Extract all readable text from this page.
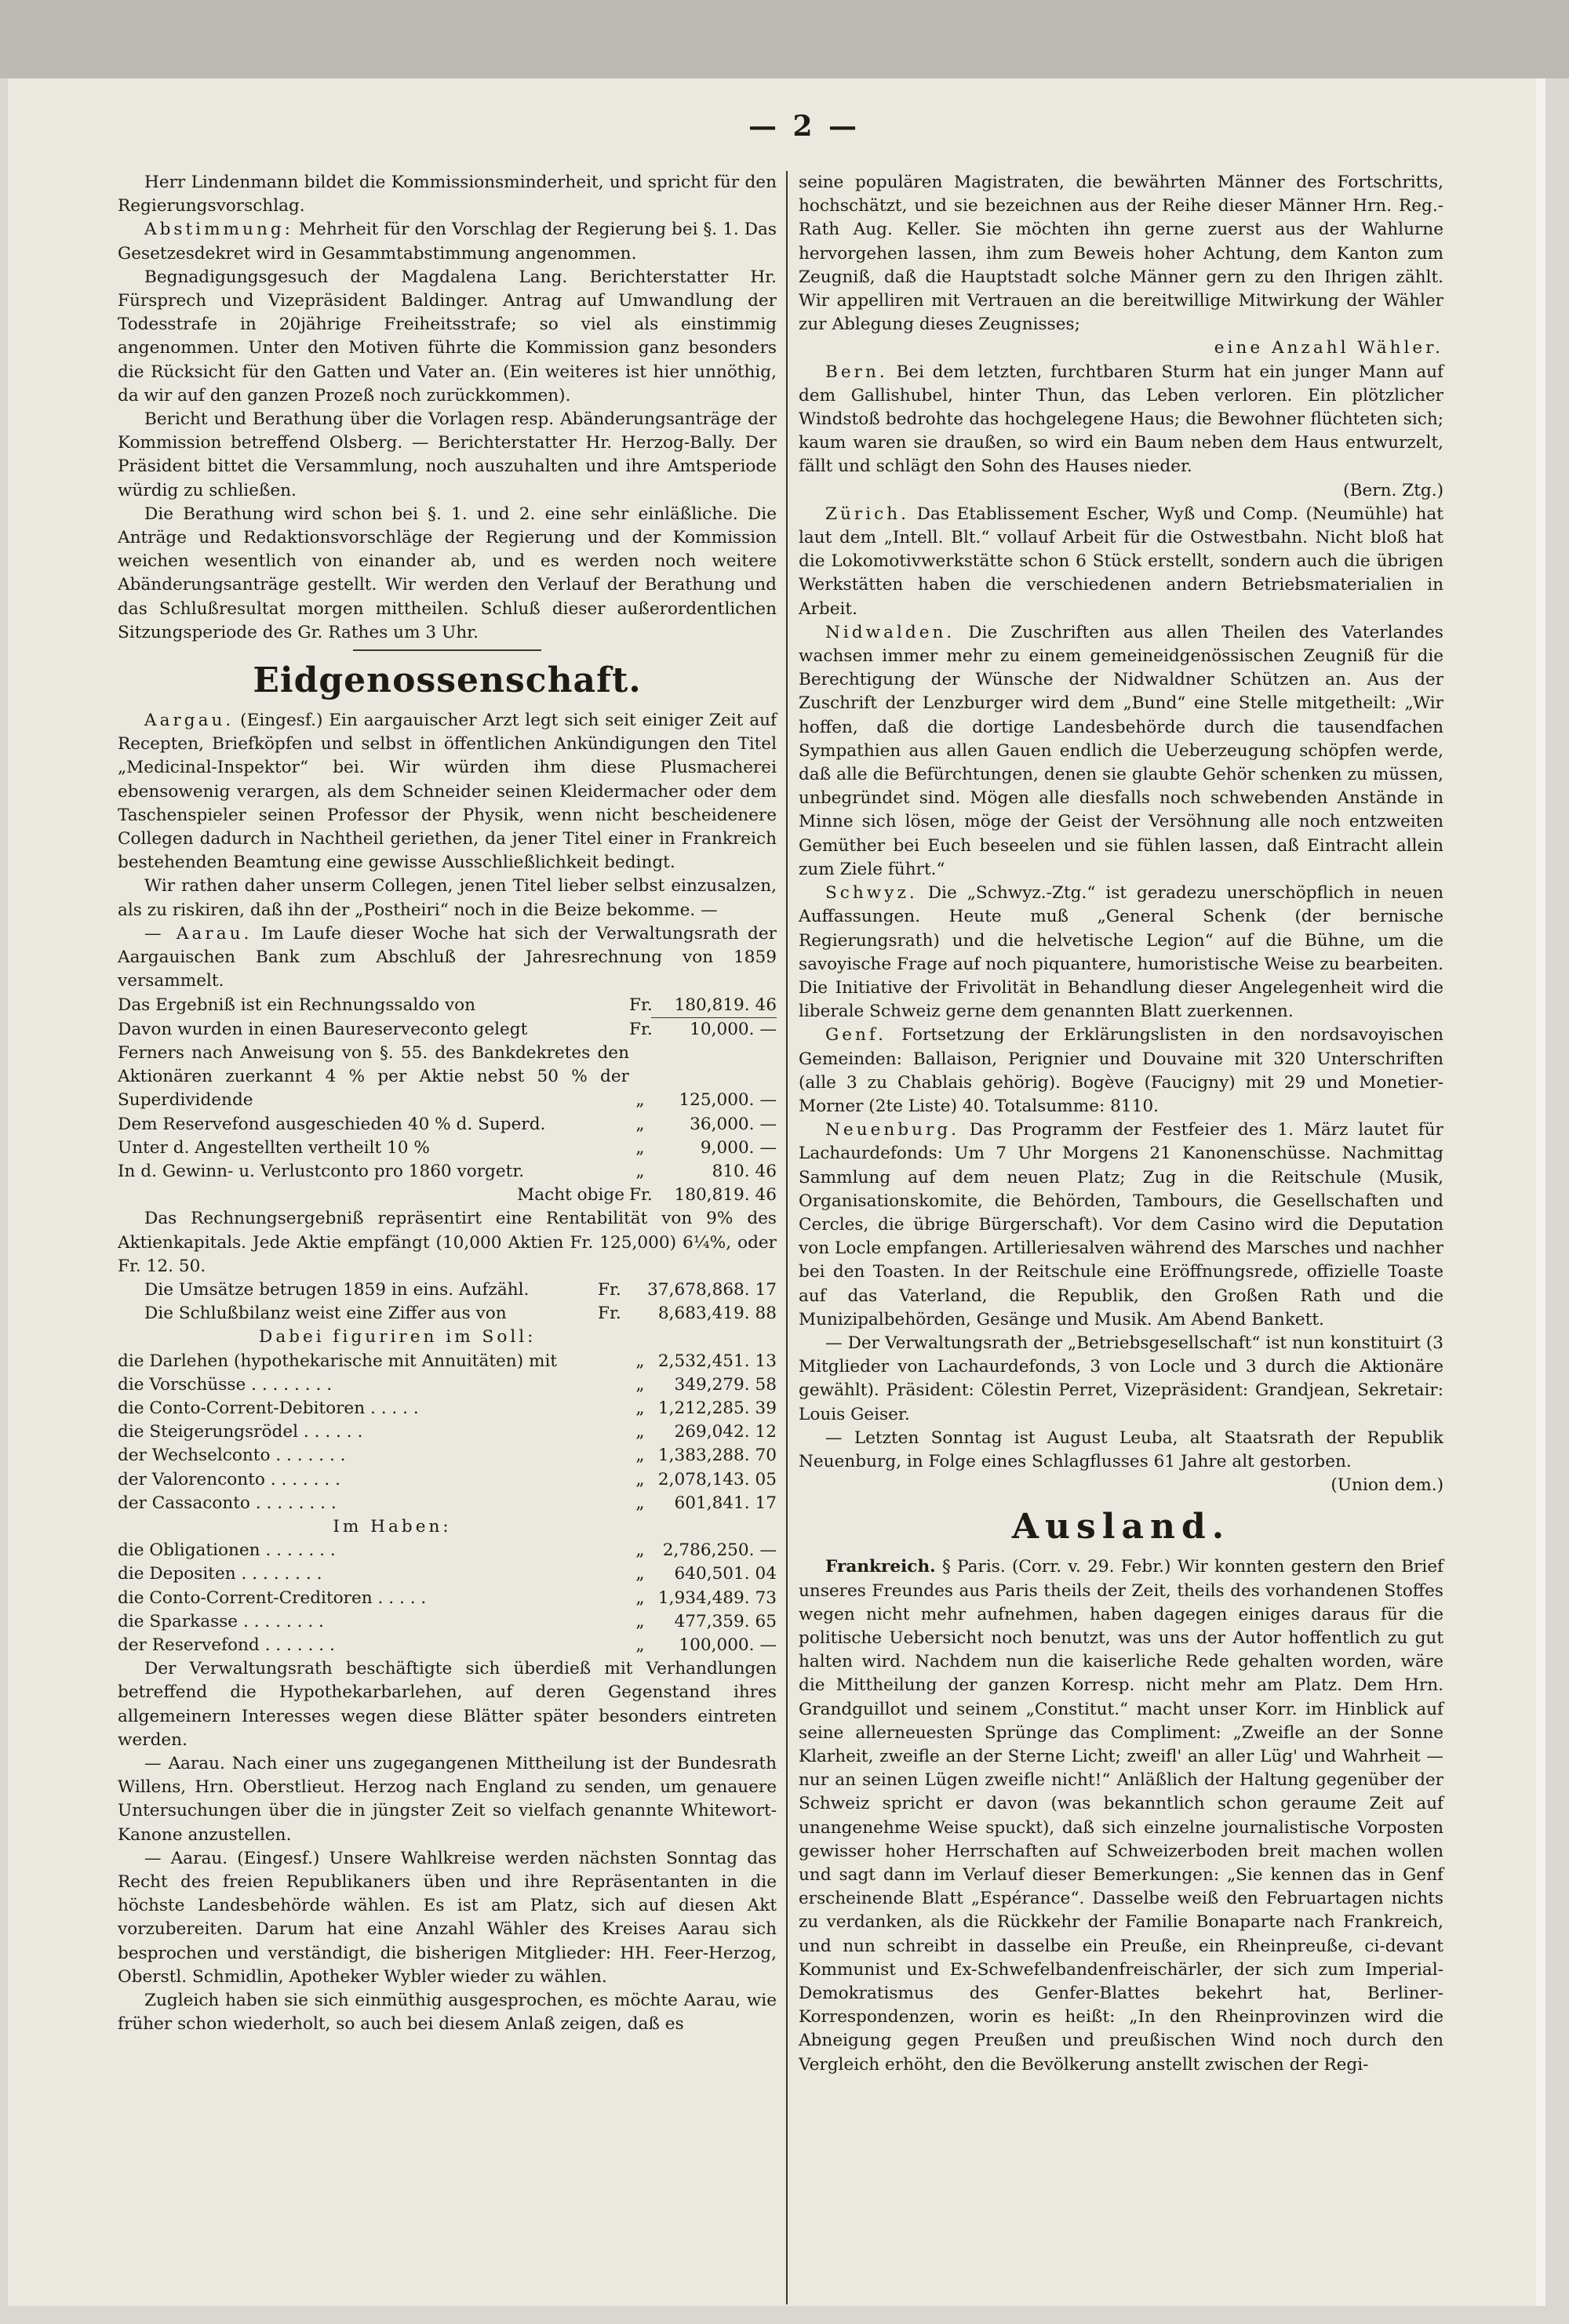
— 2 —

Herr Lindenmann bildet die Kommissionsminderheit, und spricht für den Regierungsvorschlag.

Abstimmung: Mehrheit für den Vorschlag der Regierung bei §. 1. Das Gesetzesdekret wird in Gesammtabstimmung angenommen.

Begnadigungsgesuch der Magdalena Lang. Berichterstatter Hr. Fürsprech und Vizepräsident Baldinger. Antrag auf Umwandlung der Todesstrafe in 20jährige Freiheitsstrafe; so viel als einstimmig angenommen. Unter den Motiven führte die Kommission ganz besonders die Rücksicht für den Gatten und Vater an. (Ein weiteres ist hier unnöthig, da wir auf den ganzen Prozeß noch zurückkommen).

Bericht und Berathung über die Vorlagen resp. Abänderungsanträge der Kommission betreffend Olsberg. — Berichterstatter Hr. Herzog-Bally. Der Präsident bittet die Versammlung, noch auszuhalten und ihre Amtsperiode würdig zu schließen.

Die Berathung wird schon bei §. 1. und 2. eine sehr einläßliche. Die Anträge und Redaktionsvorschläge der Regierung und der Kommission weichen wesentlich von einander ab, und es werden noch weitere Abänderungsanträge gestellt. Wir werden den Verlauf der Berathung und das Schlußresultat morgen mittheilen. Schluß dieser außerordentlichen Sitzungsperiode des Gr. Rathes um 3 Uhr.

Eidgenossenschaft.

Aargau. (Eingesf.) Ein aargauischer Arzt legt sich seit einiger Zeit auf Recepten, Briefköpfen und selbst in öffentlichen Ankündigungen den Titel „Medicinal-Inspektor“ bei. Wir würden ihm diese Plusmacherei ebensowenig verargen, als dem Schneider seinen Kleidermacher oder dem Taschenspieler seinen Professor der Physik, wenn nicht bescheidenere Collegen dadurch in Nachtheil geriethen, da jener Titel einer in Frankreich bestehenden Beamtung eine gewisse Ausschließlichkeit bedingt.

Wir rathen daher unserm Collegen, jenen Titel lieber selbst einzusalzen, als zu riskiren, daß ihn der „Postheiri“ noch in die Beize bekomme. —

— Aarau. Im Laufe dieser Woche hat sich der Verwaltungsrath der Aargauischen Bank zum Abschluß der Jahresrechnung von 1859 versammelt.

Das Ergebniß ist ein Rechnungssaldo von	Fr.	180,819. 46
Davon wurden in einen Baureserveconto gelegt	Fr.	10,000. —
Ferners nach Anweisung von §. 55. des Bankdekretes den Aktionären zuerkannt 4 % per Aktie nebst 50 % der Superdividende	„	125,000. —
Dem Reservefond ausgeschieden 40 % d. Superd.	„	36,000. —
Unter d. Angestellten vertheilt 10 %	„	9,000. —
In d. Gewinn- u. Verlustconto pro 1860 vorgetr.	„	810. 46
Macht obige Fr.	180,819. 46

Das Rechnungsergebniß repräsentirt eine Rentabilität von 9% des Aktienkapitals. Jede Aktie empfängt (10,000 Aktien Fr. 125,000) 6¼%, oder Fr. 12. 50.

Die Umsätze betrugen 1859 in eins. Aufzähl.	Fr.	37,678,868. 17
Die Schlußbilanz weist eine Ziffer aus von	Fr.	8,683,419. 88
Dabei figuriren im Soll:
die Darlehen (hypothekarische mit Annuitäten) mit	„ 2,532,451. 13
die Vorschüsse . . . . . . . .	„	349,279. 58
die Conto-Corrent-Debitoren . . . . .	„ 1,212,285. 39
die Steigerungsrödel . . . . . .	„	269,042. 12
der Wechselconto . . . . . . .	„ 1,383,288. 70
der Valorenconto . . . . . . .	„ 2,078,143. 05
der Cassaconto . . . . . . . .	„	601,841. 17
Im Haben:
die Obligationen . . . . . . .	„	2,786,250. —
die Depositen . . . . . . . .	„	640,501. 04
die Conto-Corrent-Creditoren . . . . .	„ 1,934,489. 73
die Sparkasse . . . . . . . .	„	477,359. 65
der Reservefond . . . . . . .	„	100,000. —

Der Verwaltungsrath beschäftigte sich überdieß mit Verhandlungen betreffend die Hypothekarbarlehen, auf deren Gegenstand ihres allgemeinern Interesses wegen diese Blätter später besonders eintreten werden.

— Aarau. Nach einer uns zugegangenen Mittheilung ist der Bundesrath Willens, Hrn. Oberstlieut. Herzog nach England zu senden, um genauere Untersuchungen über die in jüngster Zeit so vielfach genannte Whitewort-Kanone anzustellen.

— Aarau. (Eingesf.) Unsere Wahlkreise werden nächsten Sonntag das Recht des freien Republikaners üben und ihre Repräsentanten in die höchste Landesbehörde wählen. Es ist am Platz, sich auf diesen Akt vorzubereiten. Darum hat eine Anzahl Wähler des Kreises Aarau sich besprochen und verständigt, die bisherigen Mitglieder: HH. Feer-Herzog, Oberstl. Schmidlin, Apotheker Wybler wieder zu wählen.

Zugleich haben sie sich einmüthig ausgesprochen, es möchte Aarau, wie früher schon wiederholt, so auch bei diesem Anlaß zeigen, daß es

seine populären Magistraten, die bewährten Männer des Fortschritts, hochschätzt, und sie bezeichnen aus der Reihe dieser Männer Hrn. Reg.-Rath Aug. Keller. Sie möchten ihn gerne zuerst aus der Wahlurne hervorgehen lassen, ihm zum Beweis hoher Achtung, dem Kanton zum Zeugniß, daß die Hauptstadt solche Männer gern zu den Ihrigen zählt. Wir appelliren mit Vertrauen an die bereitwillige Mitwirkung der Wähler zur Ablegung dieses Zeugnisses;

eine Anzahl Wähler.

Bern. Bei dem letzten, furchtbaren Sturm hat ein junger Mann auf dem Gallishubel, hinter Thun, das Leben verloren. Ein plötzlicher Windstoß bedrohte das hochgelegene Haus; die Bewohner flüchteten sich; kaum waren sie draußen, so wird ein Baum neben dem Haus entwurzelt, fällt und schlägt den Sohn des Hauses nieder.

(Bern. Ztg.)

Zürich. Das Etablissement Escher, Wyß und Comp. (Neumühle) hat laut dem „Intell. Blt.“ vollauf Arbeit für die Ostwestbahn. Nicht bloß hat die Lokomotivwerkstätte schon 6 Stück erstellt, sondern auch die übrigen Werkstätten haben die verschiedenen andern Betriebsmaterialien in Arbeit.

Nidwalden. Die Zuschriften aus allen Theilen des Vaterlandes wachsen immer mehr zu einem gemeineidgenössischen Zeugniß für die Berechtigung der Wünsche der Nidwaldner Schützen an. Aus der Zuschrift der Lenzburger wird dem „Bund“ eine Stelle mitgetheilt: „Wir hoffen, daß die dortige Landesbehörde durch die tausendfachen Sympathien aus allen Gauen endlich die Ueberzeugung schöpfen werde, daß alle die Befürchtungen, denen sie glaubte Gehör schenken zu müssen, unbegründet sind. Mögen alle diesfalls noch schwebenden Anstände in Minne sich lösen, möge der Geist der Versöhnung alle noch entzweiten Gemüther bei Euch beseelen und sie fühlen lassen, daß Eintracht allein zum Ziele führt.“

Schwyz. Die „Schwyz.-Ztg.“ ist geradezu unerschöpflich in neuen Auffassungen. Heute muß „General Schenk (der bernische Regierungsrath) und die helvetische Legion“ auf die Bühne, um die savoyische Frage auf noch piquantere, humoristische Weise zu bearbeiten. Die Initiative der Frivolität in Behandlung dieser Angelegenheit wird die liberale Schweiz gerne dem genannten Blatt zuerkennen.

Genf. Fortsetzung der Erklärungslisten in den nordsavoyischen Gemeinden: Ballaison, Perignier und Douvaine mit 320 Unterschriften (alle 3 zu Chablais gehörig). Bogève (Faucigny) mit 29 und Monetier-Morner (2te Liste) 40. Totalsumme: 8110.

Neuenburg. Das Programm der Festfeier des 1. März lautet für Lachaurdefonds: Um 7 Uhr Morgens 21 Kanonenschüsse. Nachmittag Sammlung auf dem neuen Platz; Zug in die Reitschule (Musik, Organisationskomite, die Behörden, Tambours, die Gesellschaften und Cercles, die übrige Bürgerschaft). Vor dem Casino wird die Deputation von Locle empfangen. Artilleriesalven während des Marsches und nachher bei den Toasten. In der Reitschule eine Eröffnungsrede, offizielle Toaste auf das Vaterland, die Republik, den Großen Rath und die Munizipalbehörden, Gesänge und Musik. Am Abend Bankett.

— Der Verwaltungsrath der „Betriebsgesellschaft“ ist nun konstituirt (3 Mitglieder von Lachaurdefonds, 3 von Locle und 3 durch die Aktionäre gewählt). Präsident: Cölestin Perret, Vizepräsident: Grandjean, Sekretair: Louis Geiser.

— Letzten Sonntag ist August Leuba, alt Staatsrath der Republik Neuenburg, in Folge eines Schlagflusses 61 Jahre alt gestorben.

(Union dem.)
Ausland.

Frankreich. § Paris. (Corr. v. 29. Febr.) Wir konnten gestern den Brief unseres Freundes aus Paris theils der Zeit, theils des vorhandenen Stoffes wegen nicht mehr aufnehmen, haben dagegen einiges daraus für die politische Uebersicht noch benutzt, was uns der Autor hoffentlich zu gut halten wird. Nachdem nun die kaiserliche Rede gehalten worden, wäre die Mittheilung der ganzen Korresp. nicht mehr am Platz. Dem Hrn. Grandguillot und seinem „Constitut.“ macht unser Korr. im Hinblick auf seine allerneuesten Sprünge das Compliment: „Zweifle an der Sonne Klarheit, zweifle an der Sterne Licht; zweifl' an aller Lüg' und Wahrheit — nur an seinen Lügen zweifle nicht!“ Anläßlich der Haltung gegenüber der Schweiz spricht er davon (was bekanntlich schon geraume Zeit auf unangenehme Weise spuckt), daß sich einzelne journalistische Vorposten gewisser hoher Herrschaften auf Schweizerboden breit machen wollen und sagt dann im Verlauf dieser Bemerkungen: „Sie kennen das in Genf erscheinende Blatt „Espérance“. Dasselbe weiß den Februartagen nichts zu verdanken, als die Rückkehr der Familie Bonaparte nach Frankreich, und nun schreibt in dasselbe ein Preuße, ein Rheinpreuße, ci-devant Kommunist und Ex-Schwefelbandenfreischärler, der sich zum Imperial-Demokratismus des Genfer-Blattes bekehrt hat, Berliner-Korrespondenzen, worin es heißt: „In den Rheinprovinzen wird die Abneigung gegen Preußen und preußischen Wind noch durch den Vergleich erhöht, den die Bevölkerung anstellt zwischen der Regi-
